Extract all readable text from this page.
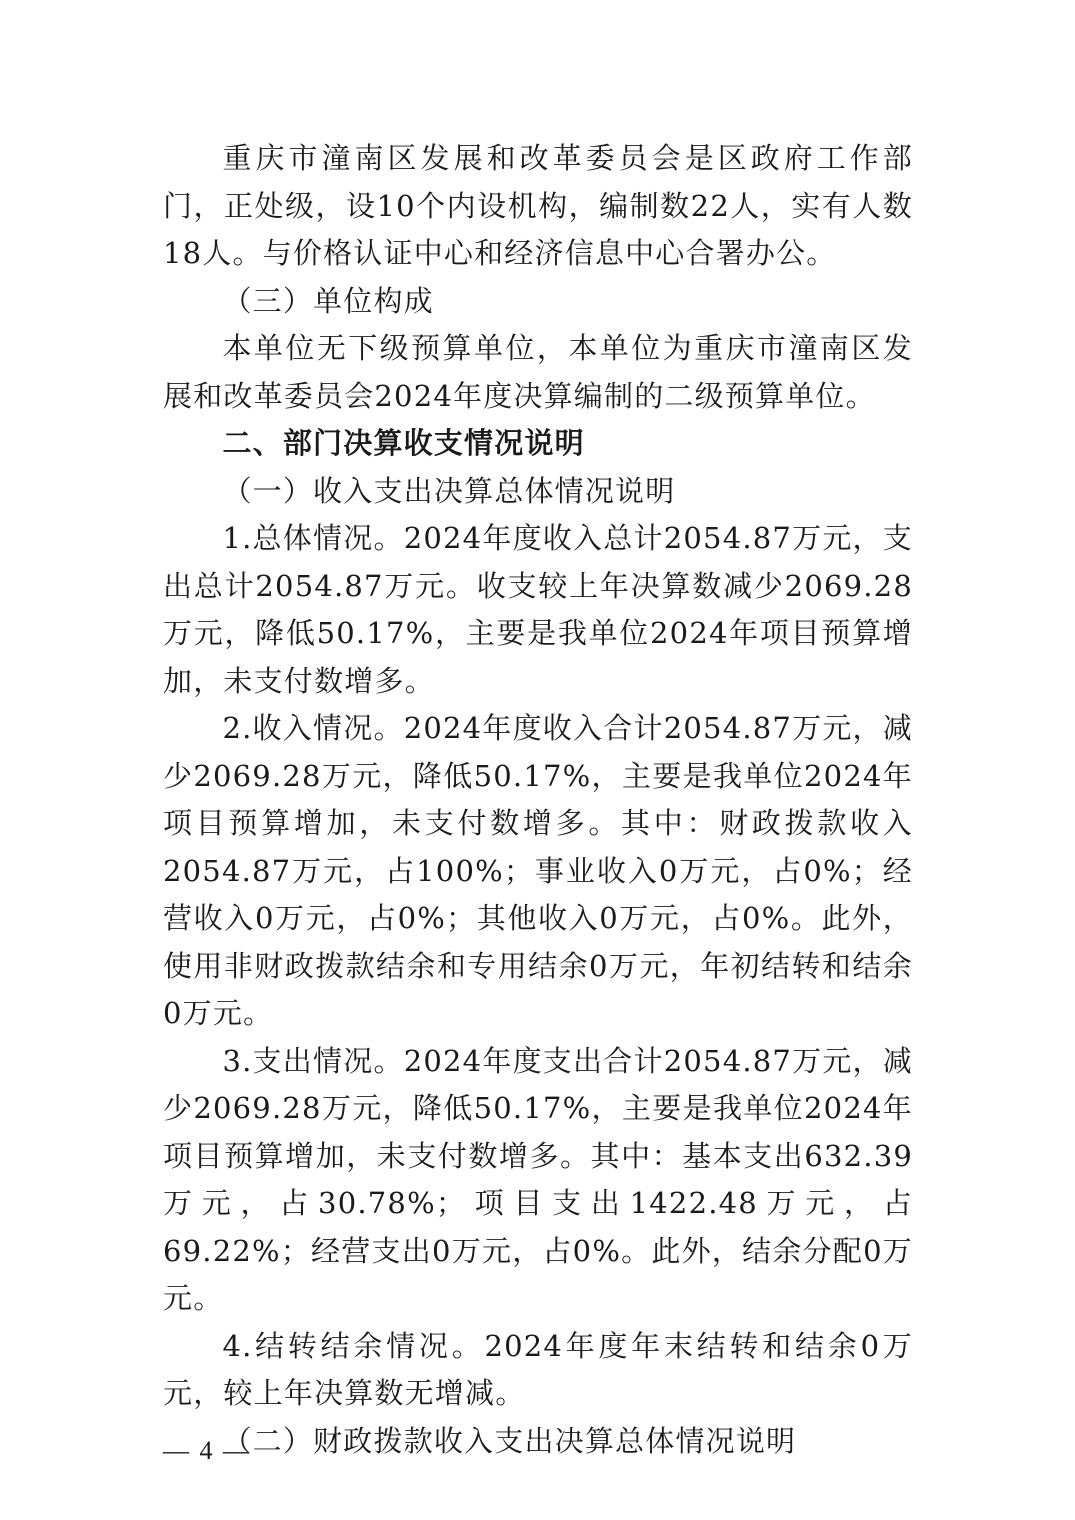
重庆市潼南区发展和改革委员会是区政府工作部门，正处级，设10个内设机构，编制数22人，实有人数18人。与价格认证中心和经济信息中心合署办公。

（三）单位构成

本单位无下级预算单位，本单位为重庆市潼南区发展和改革委员会2024年度决算编制的二级预算单位。

二、部门决算收支情况说明

（一）收入支出决算总体情况说明

1.总体情况。2024年度收入总计2054.87万元，支出总计2054.87万元。收支较上年决算数减少2069.28万元，降低50.17%，主要是我单位2024年项目预算增加，未支付数增多。

2.收入情况。2024年度收入合计2054.87万元，减少2069.28万元，降低50.17%，主要是我单位2024年项目预算增加，未支付数增多。其中：财政拨款收入2054.87万元，占100%；事业收入0万元，占0%；经营收入0万元，占0%；其他收入0万元，占0%。此外，使用非财政拨款结余和专用结余0万元，年初结转和结余0万元。

3.支出情况。2024年度支出合计2054.87万元，减少2069.28万元，降低50.17%，主要是我单位2024年项目预算增加，未支付数增多。其中：基本支出632.39万元，占30.78%；项目支出1422.48万元，占69.22%；经营支出0万元，占0%。此外，结余分配0万元。

4.结转结余情况。2024年度年末结转和结余0万元，较上年决算数无增减。

（二）财政拨款收入支出决算总体情况说明

— 4 —
